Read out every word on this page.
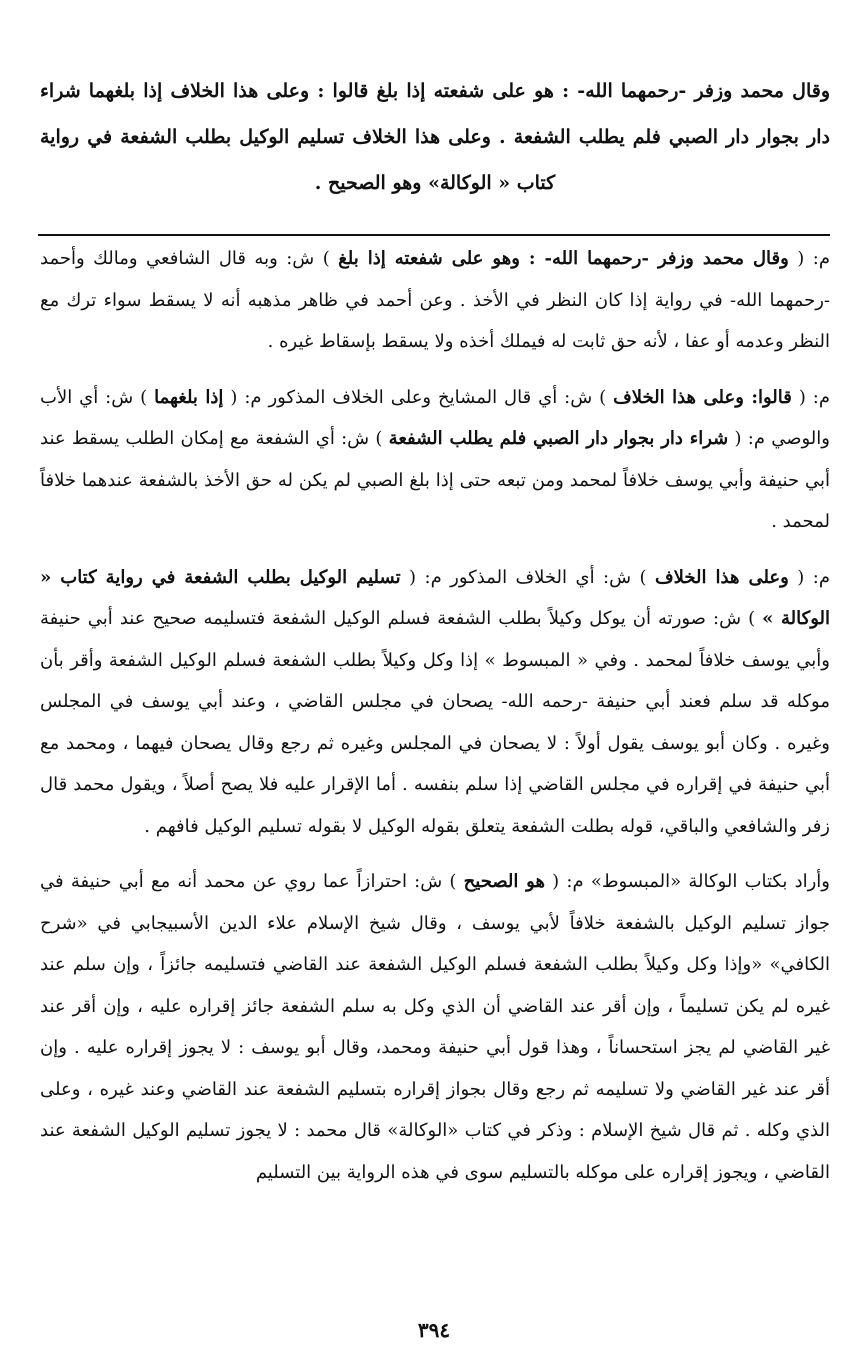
وقال محمد وزفر -رحمهما الله- : هو على شفعته إذا بلغ قالوا : وعلى هذا الخلاف إذا بلغهما شراء دار بجوار دار الصبي فلم يطلب الشفعة . وعلى هذا الخلاف تسليم الوكيل بطلب الشفعة في رواية كتاب « الوكالة» وهو الصحيح .

م: ( وقال محمد وزفر -رحمهما الله- : وهو على شفعته إذا بلغ ) ش: وبه قال الشافعي ومالك وأحمد -رحمهما الله- في رواية إذا كان النظر في الأخذ . وعن أحمد في ظاهر مذهبه أنه لا يسقط سواء ترك مع النظر وعدمه أو عفا ، لأنه حق ثابت له فيملك أخذه ولا يسقط بإسقاط غيره .

م: ( قالوا: وعلى هذا الخلاف ) ش: أي قال المشايخ وعلى الخلاف المذكور م: ( إذا بلغهما ) ش: أي الأب والوصي م: ( شراء دار بجوار دار الصبي فلم يطلب الشفعة ) ش: أي الشفعة مع إمكان الطلب يسقط عند أبي حنيفة وأبي يوسف خلافاً لمحمد ومن تبعه حتى إذا بلغ الصبي لم يكن له حق الأخذ بالشفعة عندهما خلافاً لمحمد .

م: ( وعلى هذا الخلاف ) ش: أي الخلاف المذكور م: ( تسليم الوكيل بطلب الشفعة في رواية كتاب « الوكالة » ) ش: صورته أن يوكل وكيلاً بطلب الشفعة فسلم الوكيل الشفعة فتسليمه صحيح عند أبي حنيفة وأبي يوسف خلافاً لمحمد . وفي « المبسوط » إذا وكل وكيلاً بطلب الشفعة فسلم الوكيل الشفعة وأقر بأن موكله قد سلم فعند أبي حنيفة -رحمه الله- يصحان في مجلس القاضي ، وعند أبي يوسف في المجلس وغيره . وكان أبو يوسف يقول أولاً : لا يصحان في المجلس وغيره ثم رجع وقال يصحان فيهما ، ومحمد مع أبي حنيفة في إقراره في مجلس القاضي إذا سلم بنفسه . أما الإقرار عليه فلا يصح أصلاً ، ويقول محمد قال زفر والشافعي والباقي، قوله بطلت الشفعة يتعلق بقوله الوكيل لا بقوله تسليم الوكيل فافهم .

وأراد بكتاب الوكالة «المبسوط» م: ( هو الصحيح ) ش: احترازاً عما روي عن محمد أنه مع أبي حنيفة في جواز تسليم الوكيل بالشفعة خلافاً لأبي يوسف ، وقال شيخ الإسلام علاء الدين الأسبيجابي في «شرح الكافي» «وإذا وكل وكيلاً بطلب الشفعة فسلم الوكيل الشفعة عند القاضي فتسليمه جائزاً ، وإن سلم عند غيره لم يكن تسليماً ، وإن أقر عند القاضي أن الذي وكل به سلم الشفعة جائز إقراره عليه ، وإن أقر عند غير القاضي لم يجز استحساناً ، وهذا قول أبي حنيفة ومحمد، وقال أبو يوسف : لا يجوز إقراره عليه . وإن أقر عند غير القاضي ولا تسليمه ثم رجع وقال بجواز إقراره بتسليم الشفعة عند القاضي وعند غيره ، وعلى الذي وكله . ثم قال شيخ الإسلام : وذكر في كتاب «الوكالة» قال محمد : لا يجوز تسليم الوكيل الشفعة عند القاضي ، ويجوز إقراره على موكله بالتسليم سوى في هذه الرواية بين التسليم

٣٩٤
